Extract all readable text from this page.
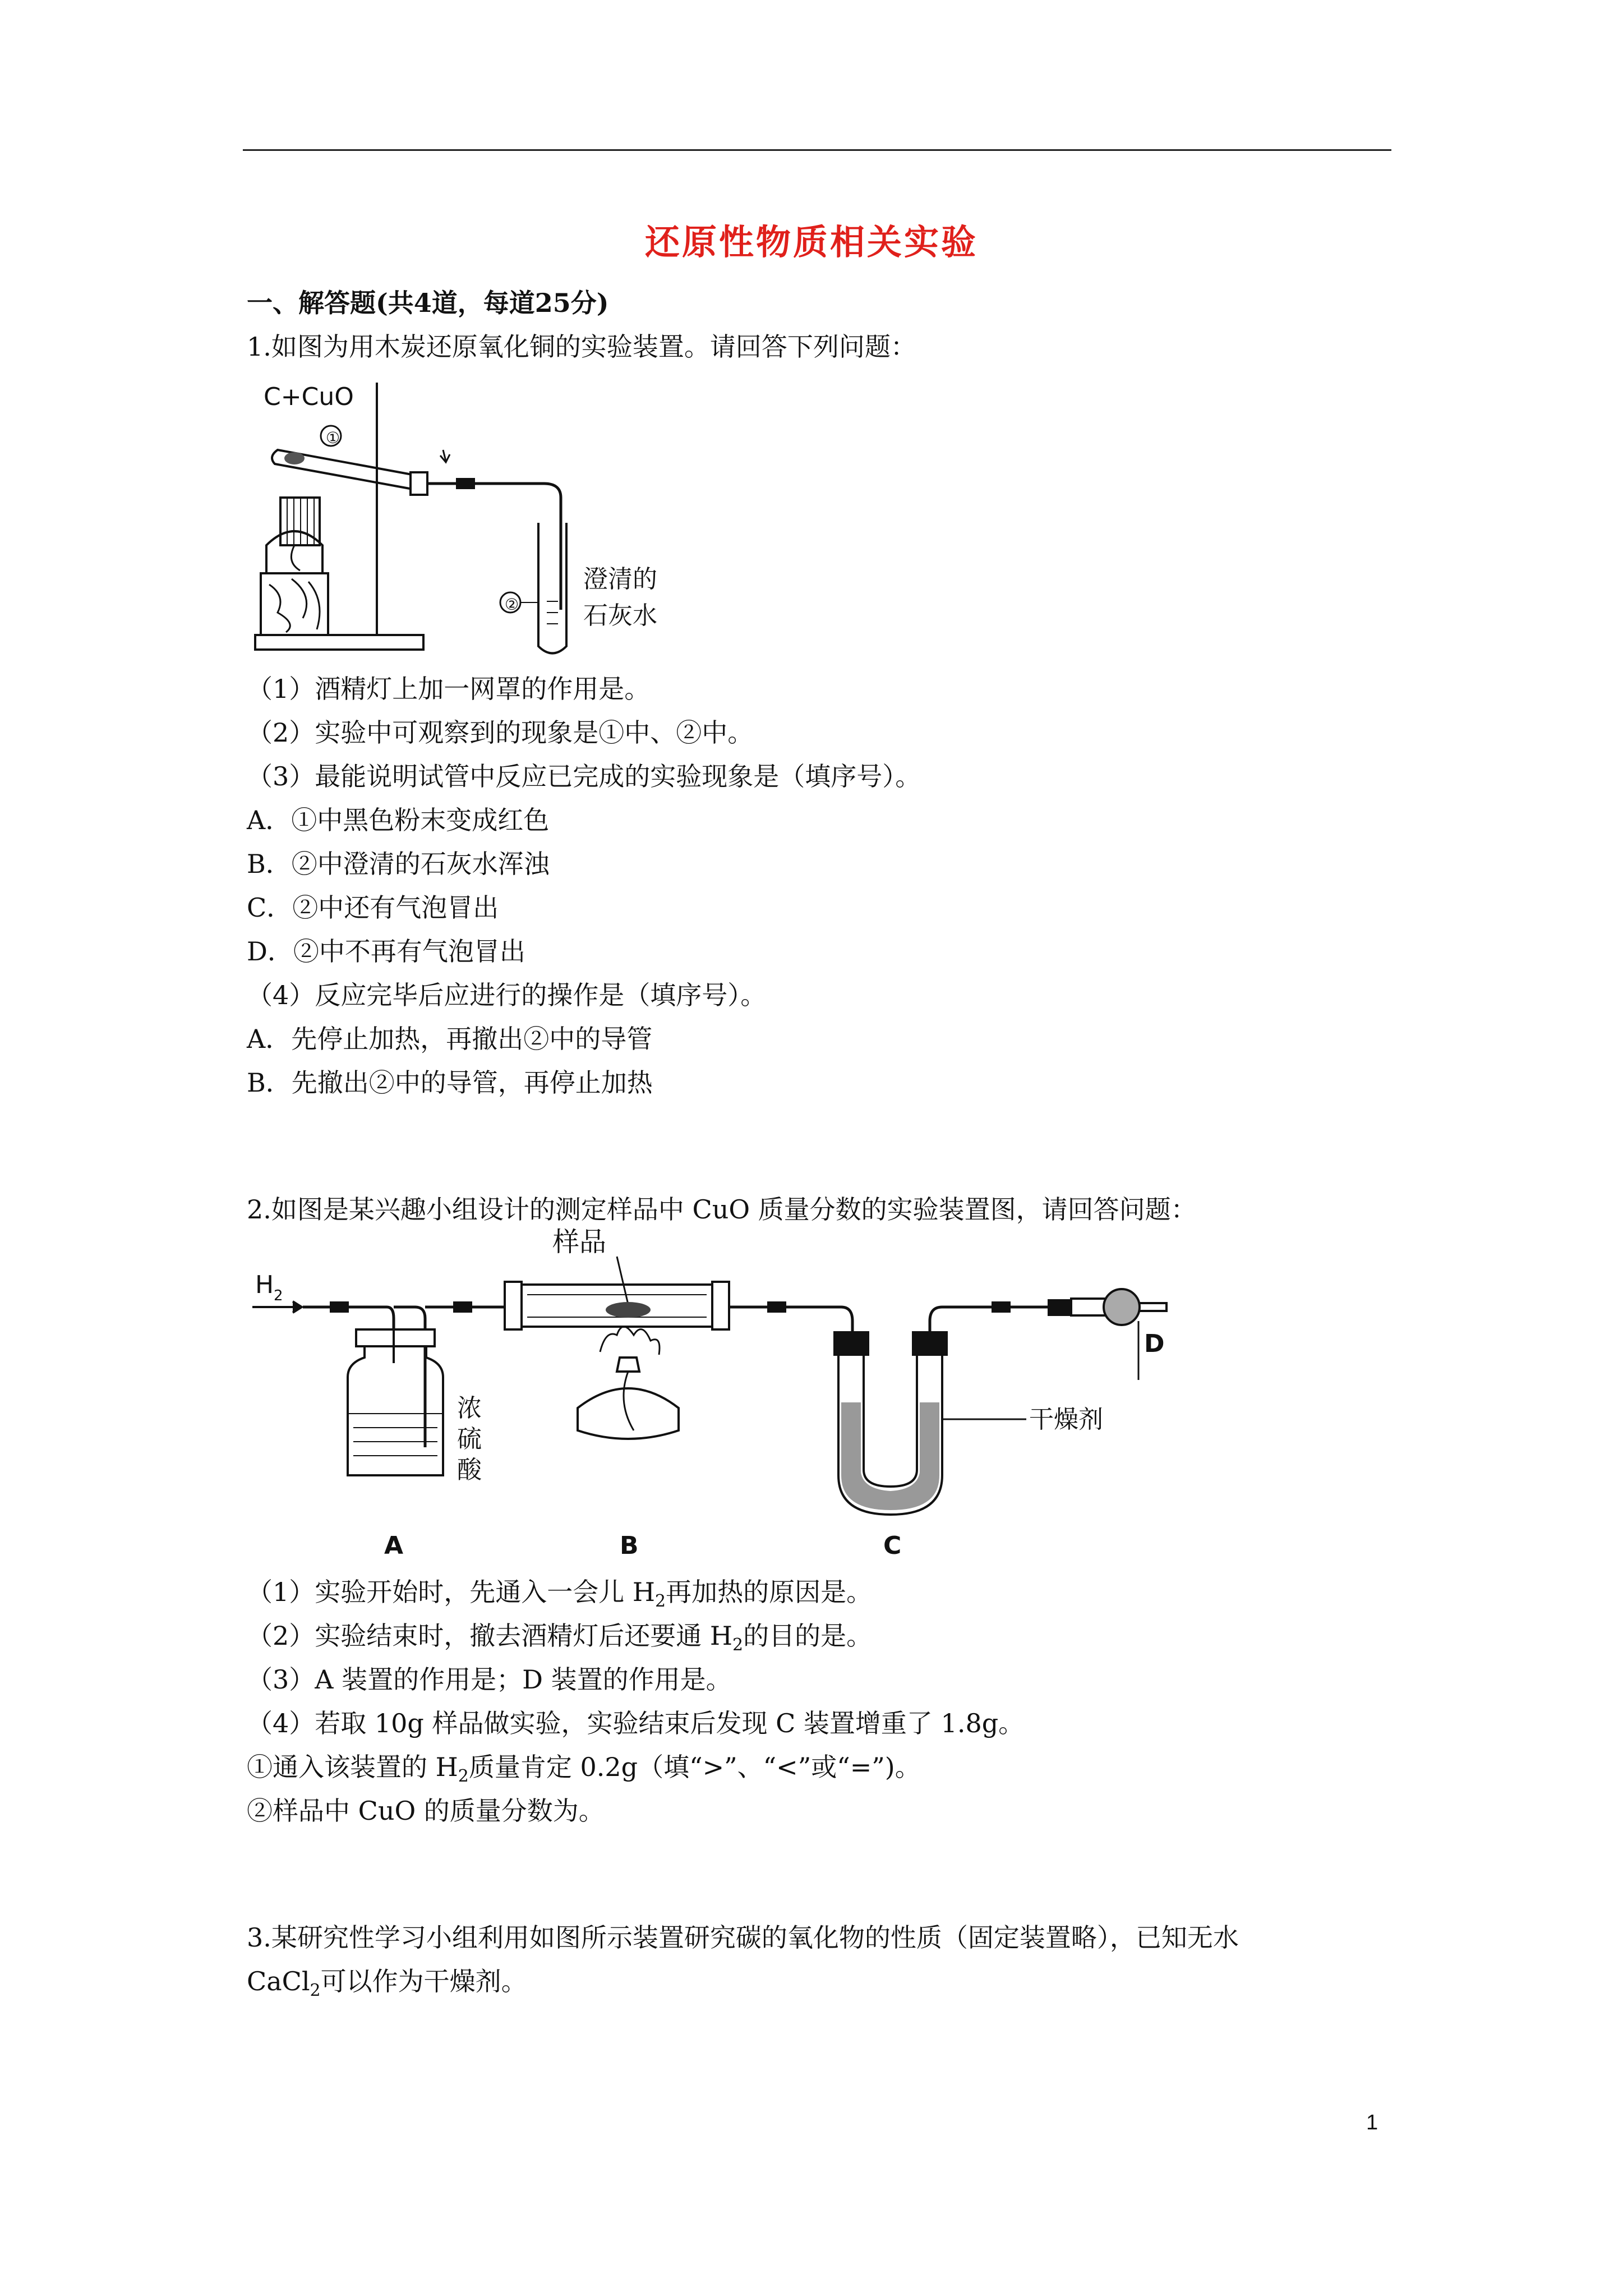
还原性物质相关实验
一、解答题(共4道，每道25分)
1.如图为用木炭还原氧化铜的实验装置。请回答下列问题：
C+CuO
①
②
澄清的
石灰水
（1）酒精灯上加一网罩的作用是。
（2）实验中可观察到的现象是①中、②中。
（3）最能说明试管中反应已完成的实验现象是（填序号）。
A．①中黑色粉末变成红色
B．②中澄清的石灰水浑浊
C．②中还有气泡冒出
D．②中不再有气泡冒出
（4）反应完毕后应进行的操作是（填序号）。
A．先停止加热，再撤出②中的导管
B．先撤出②中的导管，再停止加热
2.如图是某兴趣小组设计的测定样品中 CuO 质量分数的实验装置图，请回答问题：
H 2
浓
硫
酸
A
样品
B	C
干燥剂
D
（1）实验开始时，先通入一会儿 $H_2$再加热的原因是。
（2）实验结束时，撤去酒精灯后还要通 $H_2$的目的是。
（3）A 装置的作用是；D 装置的作用是。
（4）若取 10g 样品做实验，实验结束后发现 C 装置增重了 1.8g。
①通入该装置的 $H_2$质量肯定 0.2g（填“>”、“<”或“=”)。
②样品中 CuO 的质量分数为。
3.某研究性学习小组利用如图所示装置研究碳的氧化物的性质（固定装置略），已知无水
CaCl$_2$可以作为干燥剂。
1
